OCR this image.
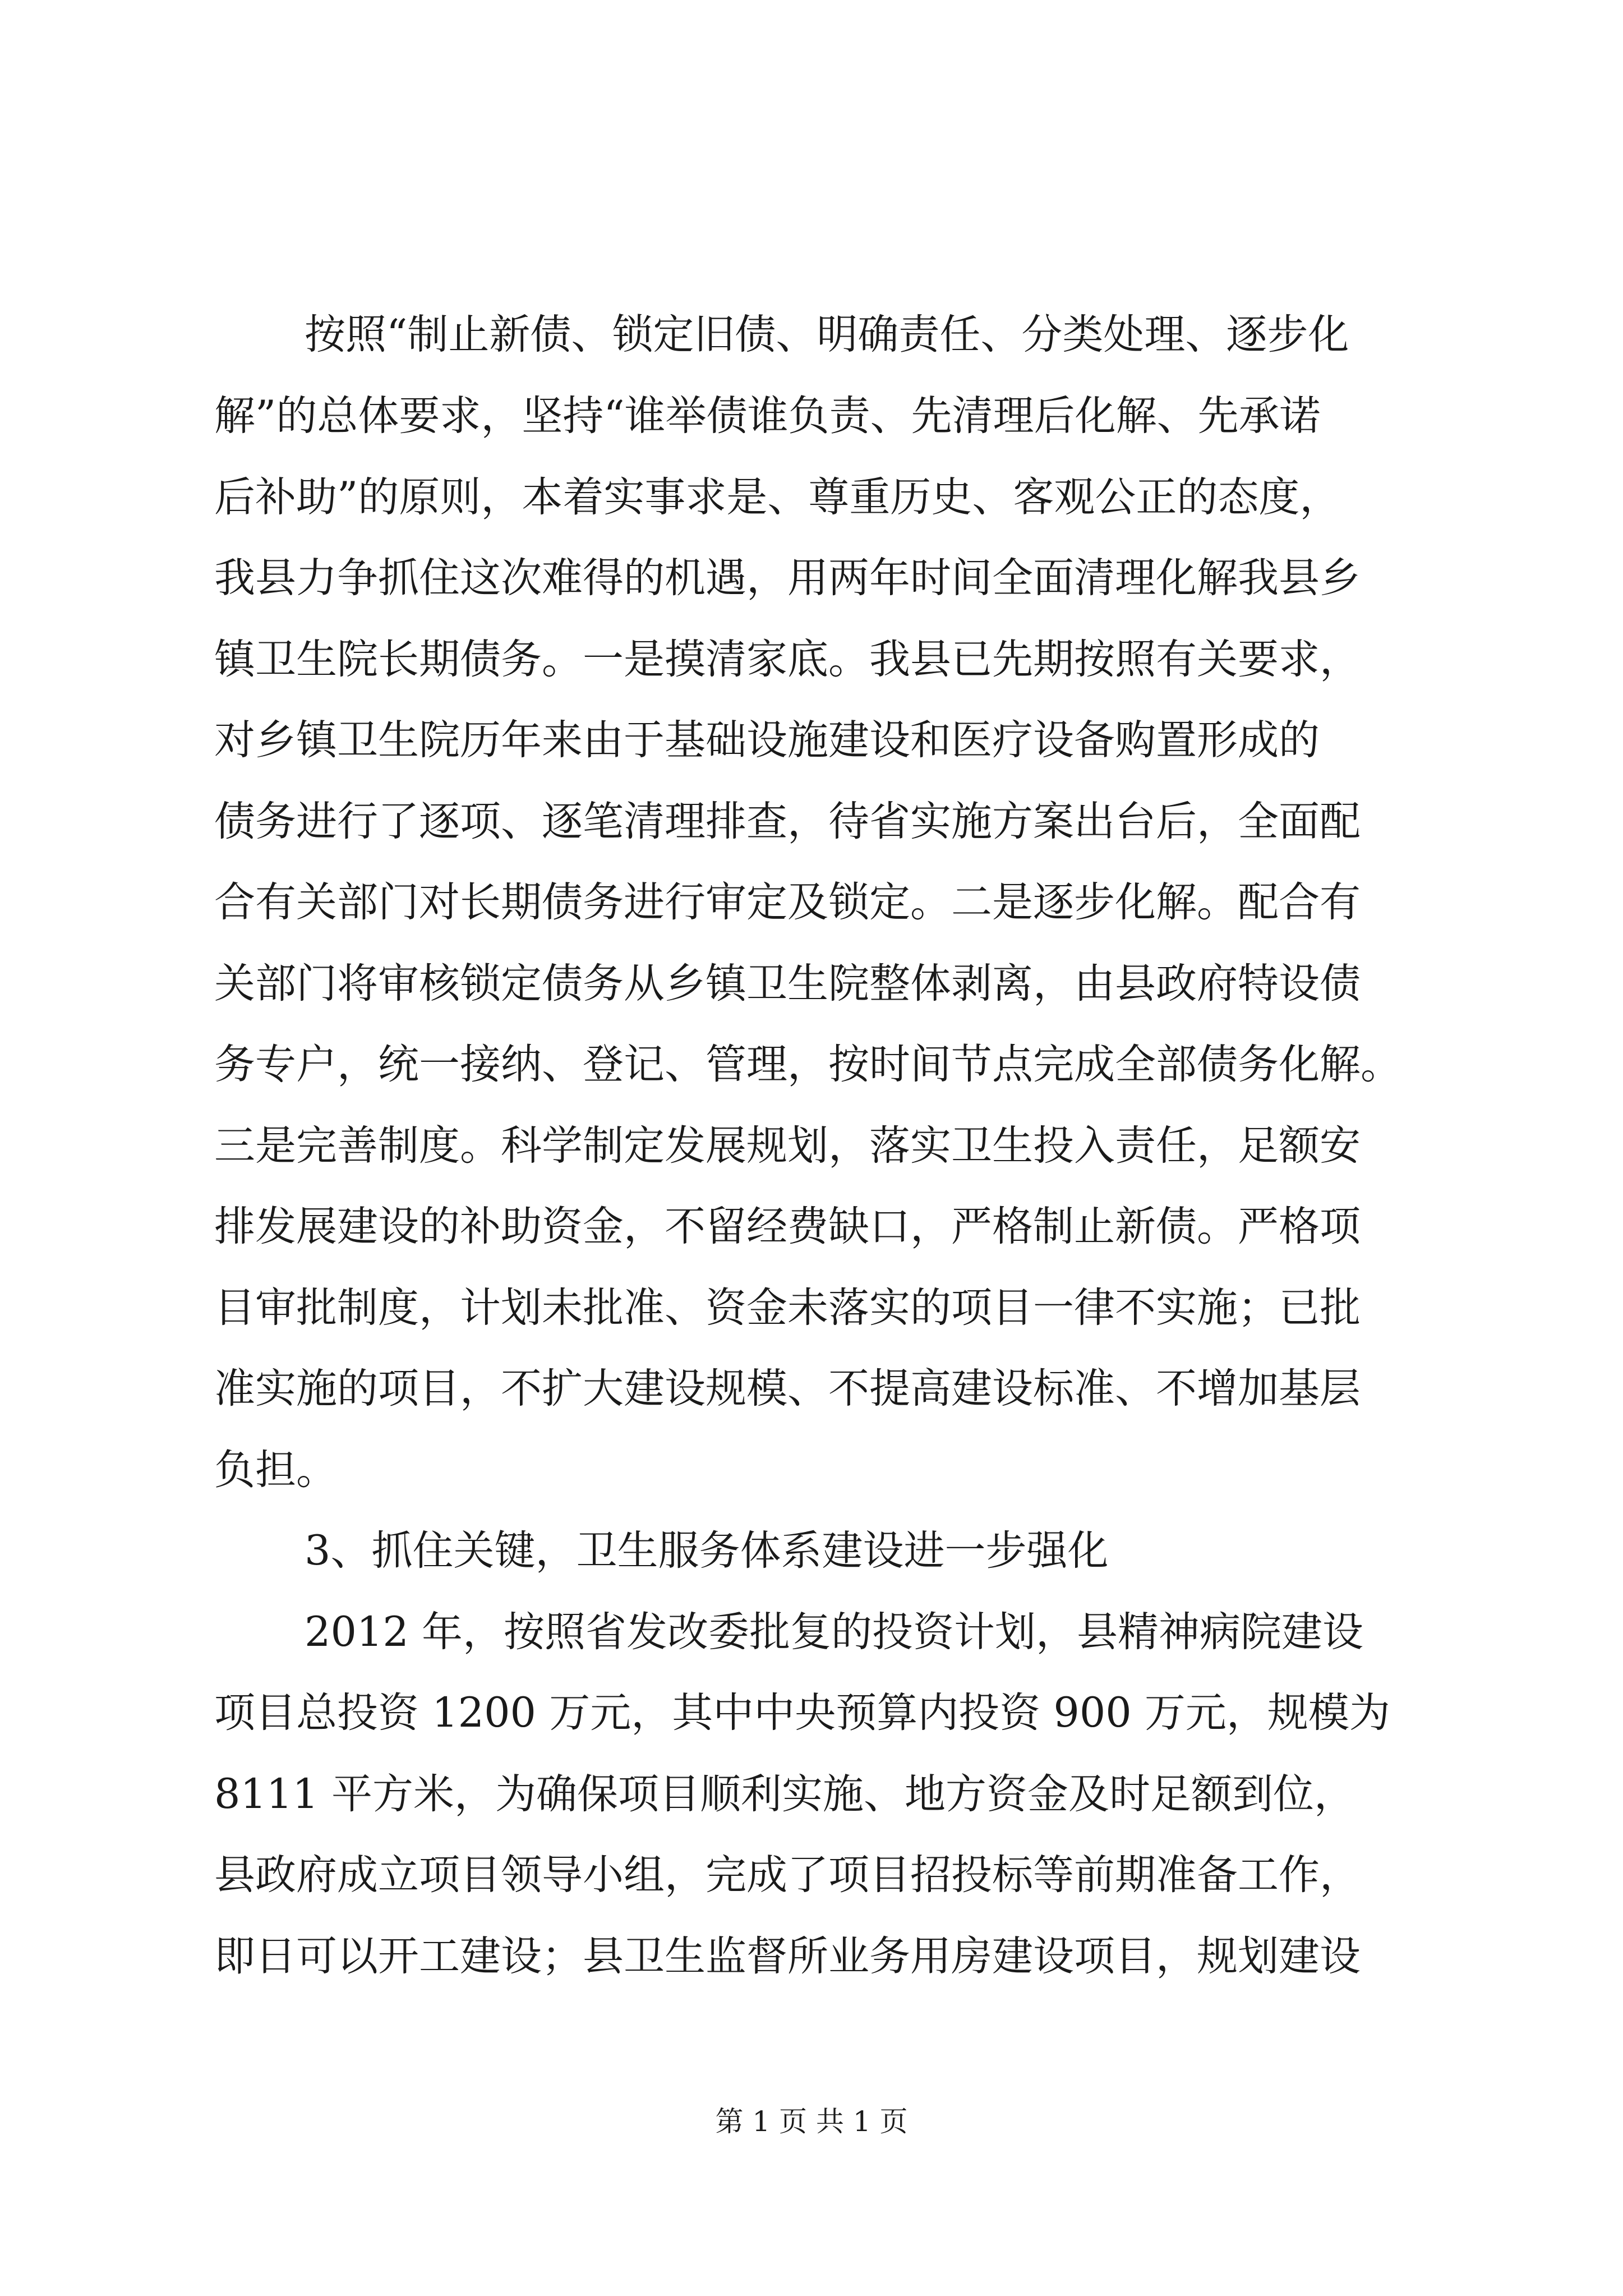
按照“制止新债、锁定旧债、明确责任、分类处理、逐步化
解”的总体要求，坚持“谁举债谁负责、先清理后化解、先承诺
后补助”的原则，本着实事求是、尊重历史、客观公正的态度，
我县力争抓住这次难得的机遇，用两年时间全面清理化解我县乡
镇卫生院长期债务。一是摸清家底。我县已先期按照有关要求，
对乡镇卫生院历年来由于基础设施建设和医疗设备购置形成的
债务进行了逐项、逐笔清理排查，待省实施方案出台后，全面配
合有关部门对长期债务进行审定及锁定。二是逐步化解。配合有
关部门将审核锁定债务从乡镇卫生院整体剥离，由县政府特设债
务专户，统一接纳、登记、管理，按时间节点完成全部债务化解。
三是完善制度。科学制定发展规划，落实卫生投入责任，足额安
排发展建设的补助资金，不留经费缺口，严格制止新债。严格项
目审批制度，计划未批准、资金未落实的项目一律不实施；已批
准实施的项目，不扩大建设规模、不提高建设标准、不增加基层
负担。
3、抓住关键，卫生服务体系建设进一步强化
2012 年，按照省发改委批复的投资计划，县精神病院建设
项目总投资 1200 万元，其中中央预算内投资 900 万元，规模为
8111 平方米，为确保项目顺利实施、地方资金及时足额到位，
县政府成立项目领导小组，完成了项目招投标等前期准备工作，
即日可以开工建设；县卫生监督所业务用房建设项目，规划建设
第 1 页 共 1 页
